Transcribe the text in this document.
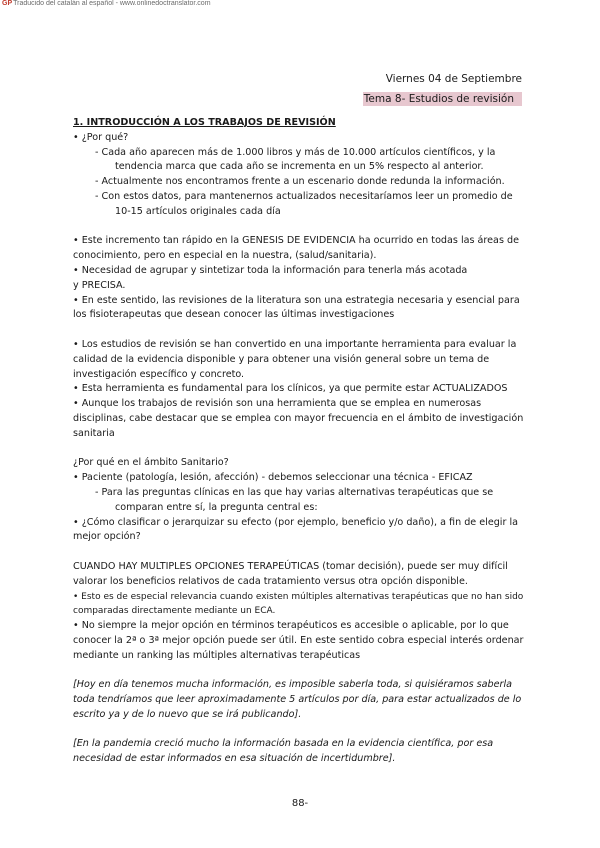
GPTraducido del catalán al español - www.onlinedoctranslator.com
Viernes 04 de Septiembre
Tema 8- Estudios de revisión

1. INTRODUCCIÓN A LOS TRABAJOS DE REVISIÓN

• ¿Por qué?

- Cada año aparecen más de 1.000 libros y más de 10.000 artículos científicos, y la
tendencia marca que cada año se incrementa en un 5% respecto al anterior.

- Actualmente nos encontramos frente a un escenario donde redunda la información.

- Con estos datos, para mantenernos actualizados necesitaríamos leer un promedio de
10-15 artículos originales cada día

• Este incremento tan rápido en la GENESIS DE EVIDENCIA ha ocurrido en todas las áreas de conocimiento, pero en especial en la nuestra, (salud/sanitaria).

• Necesidad de agrupar y sintetizar toda la información para tenerla más acotada y PRECISA.

• En este sentido, las revisiones de la literatura son una estrategia necesaria y esencial para los fisioterapeutas que desean conocer las últimas investigaciones

• Los estudios de revisión se han convertido en una importante herramienta para evaluar la calidad de la evidencia disponible y para obtener una visión general sobre un tema de investigación específico y concreto.

• Esta herramienta es fundamental para los clínicos, ya que permite estar ACTUALIZADOS

• Aunque los trabajos de revisión son una herramienta que se emplea en numerosas disciplinas, cabe destacar que se emplea con mayor frecuencia en el ámbito de investigación sanitaria

¿Por qué en el ámbito Sanitario?

• Paciente (patología, lesión, afección) - debemos seleccionar una técnica - EFICAZ

- Para las preguntas clínicas en las que hay varias alternativas terapéuticas que se
comparan entre sí, la pregunta central es:

• ¿Cómo clasificar o jerarquizar su efecto (por ejemplo, beneficio y/o daño), a fin de elegir la mejor opción?

CUANDO HAY MULTIPLES OPCIONES TERAPEÚTICAS (tomar decisión), puede ser muy difícil valorar los beneficios relativos de cada tratamiento versus otra opción disponible.

• Esto es de especial relevancia cuando existen múltiples alternativas terapéuticas que no han sido comparadas directamente mediante un ECA.

• No siempre la mejor opción en términos terapéuticos es accesible o aplicable, por lo que conocer la 2ª o 3ª mejor opción puede ser útil. En este sentido cobra especial interés ordenar mediante un ranking las múltiples alternativas terapéuticas

[Hoy en día tenemos mucha información, es imposible saberla toda, si quisiéramos saberla toda tendríamos que leer aproximadamente 5 artículos por día, para estar actualizados de lo escrito ya y de lo nuevo que se irá publicando].

[En la pandemia creció mucho la información basada en la evidencia científica, por esa necesidad de estar informados en esa situación de incertidumbre].

88-
